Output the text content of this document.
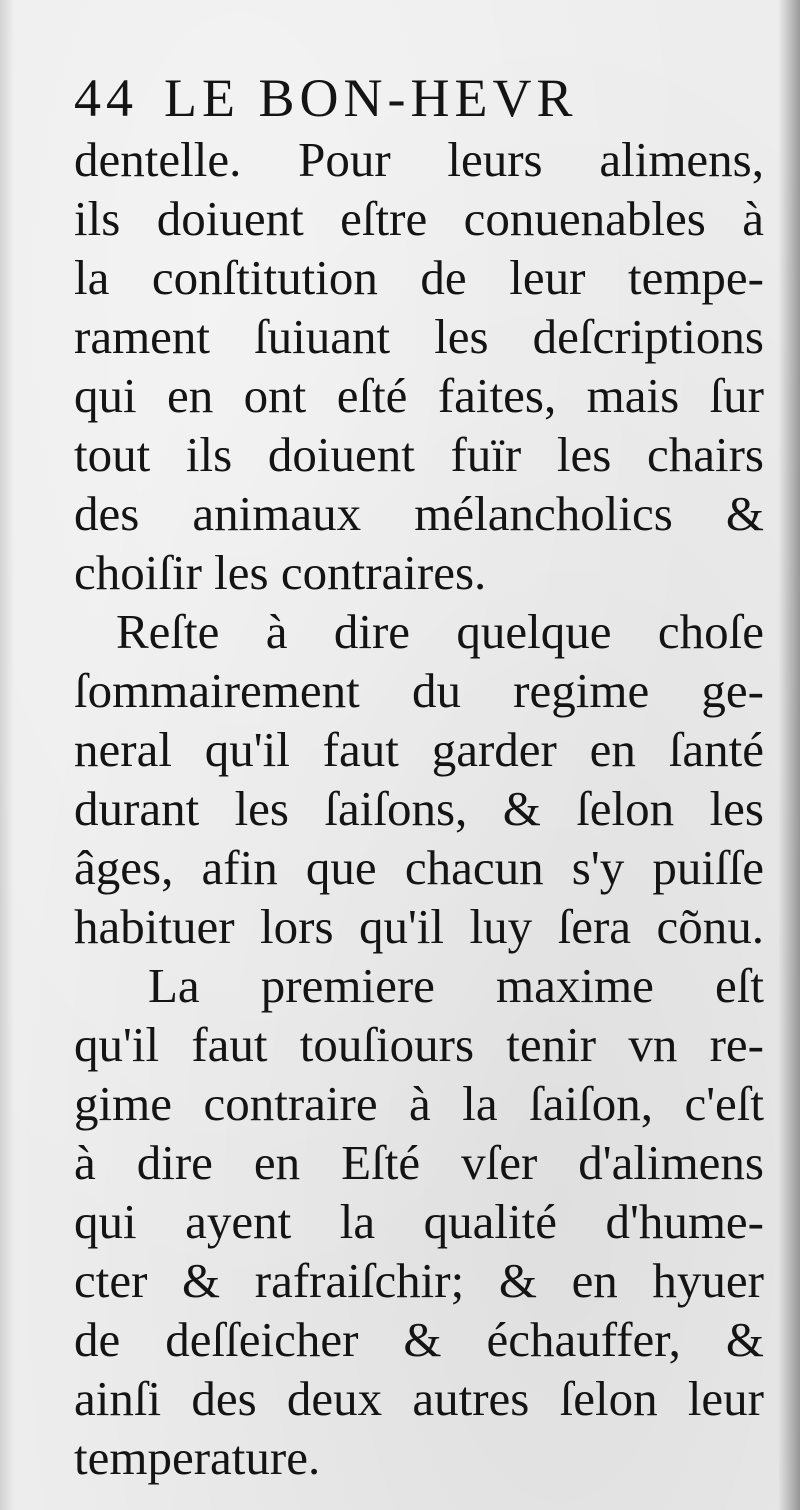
44 LE BON-HEVR
dentelle. Pour leurs alimens,
ils doiuent eſtre conuenables à
la conſtitution de leur tempe-
rament ſuiuant les deſcriptions
qui en ont eſté faites, mais ſur
tout ils doiuent fuïr les chairs
des animaux mélancholics &
choiſir les contraires.
Reſte à dire quelque choſe
ſommairement du regime ge-
neral qu'il faut garder en ſanté
durant les ſaiſons, & ſelon les
âges, afin que chacun s'y puiſſe
habituer lors qu'il luy ſera cõnu.
La premiere maxime eſt
qu'il faut touſiours tenir vn re-
gime contraire à la ſaiſon, c'eſt
à dire en Eſté vſer d'alimens
qui ayent la qualité d'hume-
cter & rafraiſchir; & en hyuer
de deſſeicher & échauffer, &
ainſi des deux autres ſelon leur
temperature.
